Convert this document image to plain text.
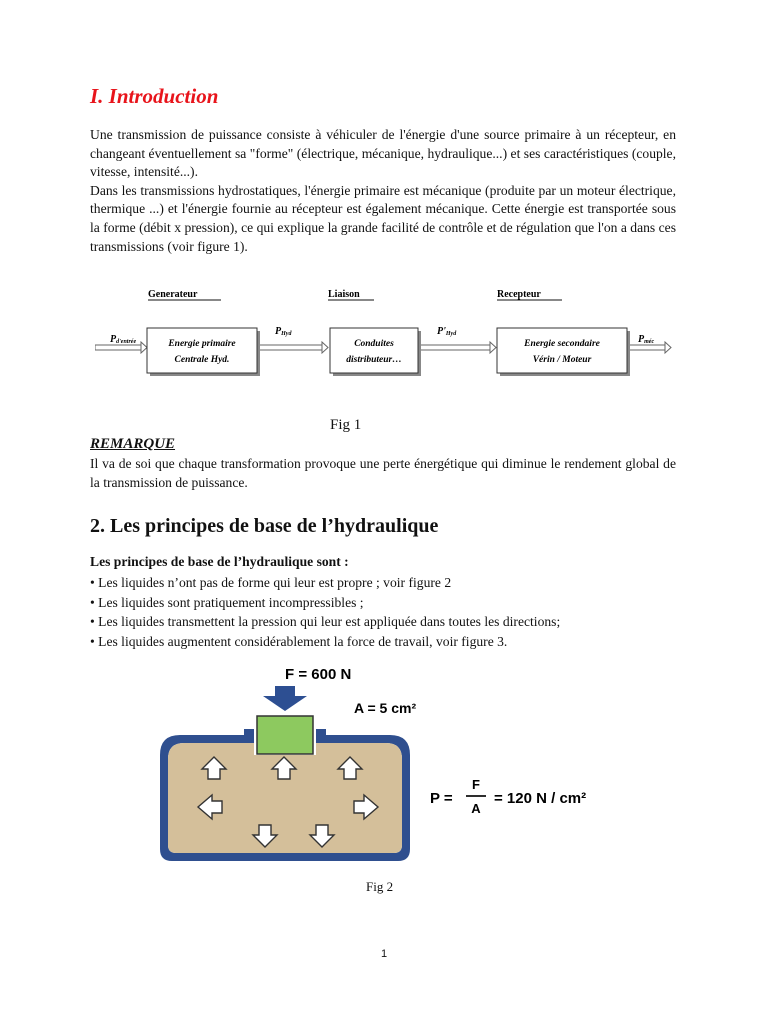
I. Introduction

Une transmission de puissance consiste à véhiculer de l'énergie d'une source primaire à un récepteur, en changeant éventuellement sa "forme" (électrique, mécanique, hydraulique...) et ses caractéristiques (couple, vitesse, intensité...).

Dans les transmissions hydrostatiques, l'énergie primaire est mécanique (produite par un moteur électrique, thermique ...) et l'énergie fournie au récepteur est également mécanique. Cette énergie est transportée sous la forme (débit x pression), ce qui explique la grande facilité de contrôle et de régulation que l'on a dans ces transmissions (voir figure 1).

Generateur	Liaison	Recepteur
Energie primaire
Centrale Hyd.
Conduites
distributeur…
Energie secondaire
Vérin / Moteur
Pd'entrée
PHyd	P'Hyd	Pméc
Fig 1
REMARQUE
Il va de soi que chaque transformation provoque une perte énergétique qui diminue le rendement global de la transmission de puissance.
2. Les principes de base de l’hydraulique
Les principes de base de l’hydraulique sont :
• Les liquides n’ont pas de forme qui leur est propre ; voir figure 2
• Les liquides sont pratiquement incompressibles ;
• Les liquides transmettent la pression qui leur est appliquée dans toutes les directions;
• Les liquides augmentent considérablement la force de travail, voir figure 3.
F = 600 N
A = 5 cm²
P =
F
A
= 120 N / cm²
Fig 2
1
